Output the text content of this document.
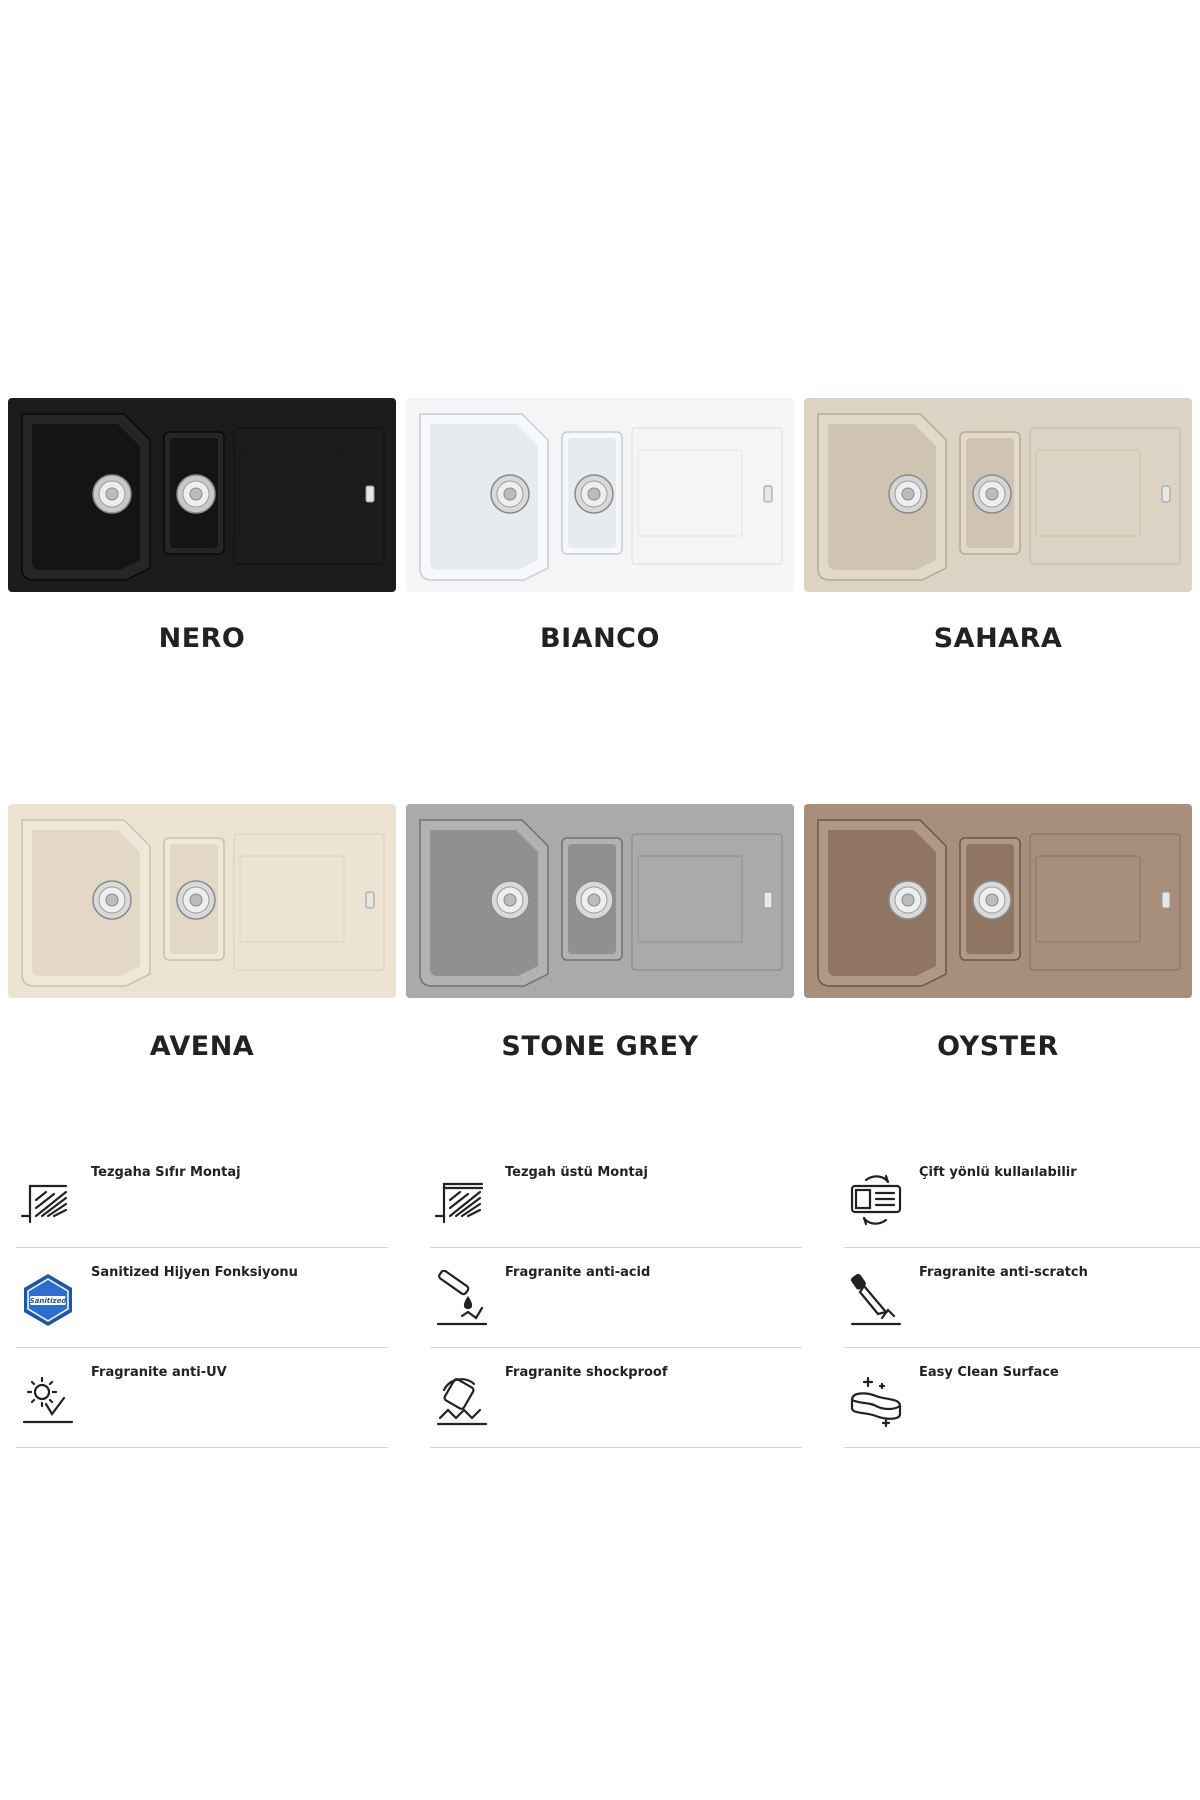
NERO	BIANCO	SAHARA
AVENA	STONE GREY	OYSTER
Tezgaha Sıfır Montaj
Sanitized
Sanitized Hijyen Fonksiyonu
Fragranite anti-UV
Tezgah üstü Montaj
Fragranite anti-acid
Fragranite shockproof
Çift yönlü kullaılabilir
Fragranite anti-scratch
Easy Clean Surface
